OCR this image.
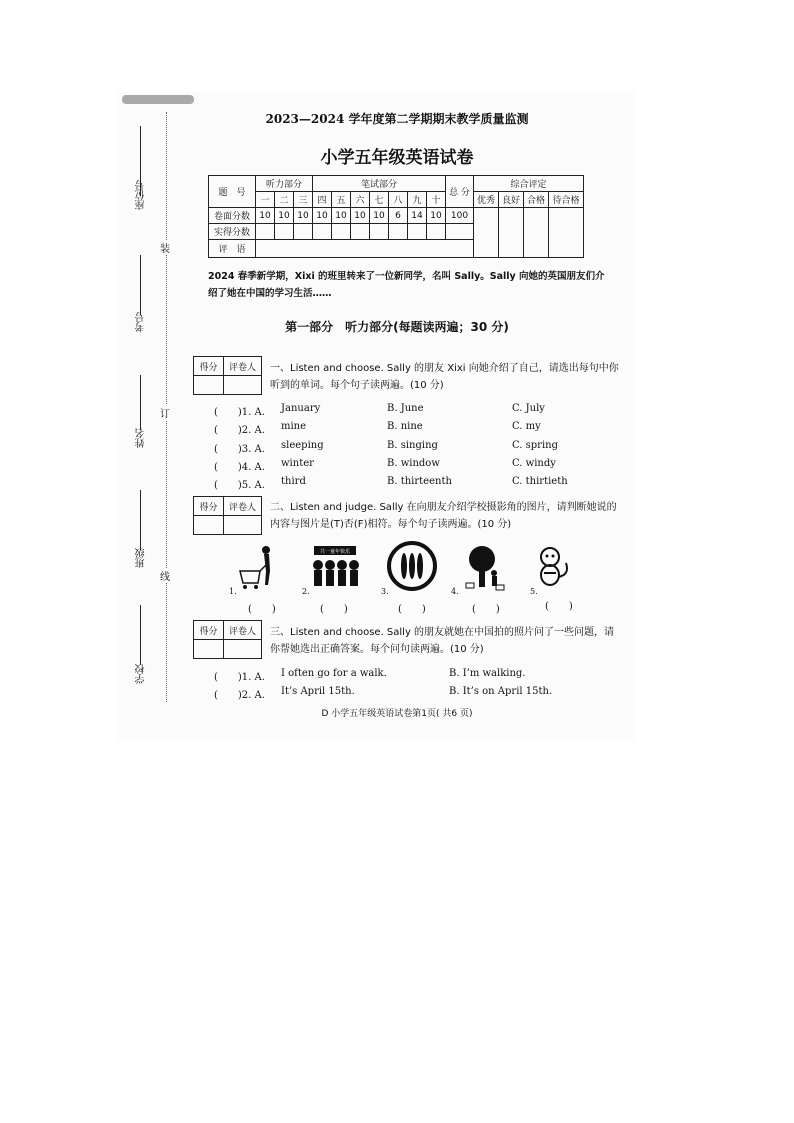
座位号
考号
姓名
班级
学校
装
订
线
2023—2024 学年度第二学期期末教学质量监测
小学五年级英语试卷
题　号	听力部分			笔试部分							总 分	综合评定			
	一	二	三	四	五	六	七	八	九	十		优秀	良好	合格	待合格
卷面分数	10	10	10	10	10	10	10	6	14	10	100				
实得分数															
评　语															
2024 春季新学期，Xixi 的班里转来了一位新同学，名叫 Sally。Sally 向她的英国朋友们介绍了她在中国的学习生活……
第一部分　听力部分(每题读两遍；30 分)
得分	评卷人
	一、Listen and choose. Sally 的朋友 Xixi 向她介绍了自己，请选出每句中你听到的单词。每个句子读两遍。(10 分)
(　　)1. A. January	B. June	C. July
(　　)2. A. mine	B. nine	C. my
(　　)3. A. sleeping	B. singing	C. spring
(　　)4. A. winter	B. window	C. windy
(　　)5. A. third	B. thirteenth	C. thirtieth
得分	评卷人
	二、Listen and judge. Sally 在向朋友介绍学校摄影角的图片，请判断她说的内容与图片是(T)否(F)相符。每个句子读两遍。(10 分)
共一童年快乐
1.	2.	3.	4.	5.
(　　)	(　　)	(　　)	(　　)	(　　)
得分	评卷人
	三、Listen and choose. Sally 的朋友就她在中国拍的照片问了一些问题，请你帮她选出正确答案。每个问句读两遍。(10 分)
(　　)1. A. I often go for a walk.	B. I’m walking.
(　　)2. A. It’s April 15th.	B. It’s on April 15th.
D 小学五年级英语试卷第1页( 共6 页)
